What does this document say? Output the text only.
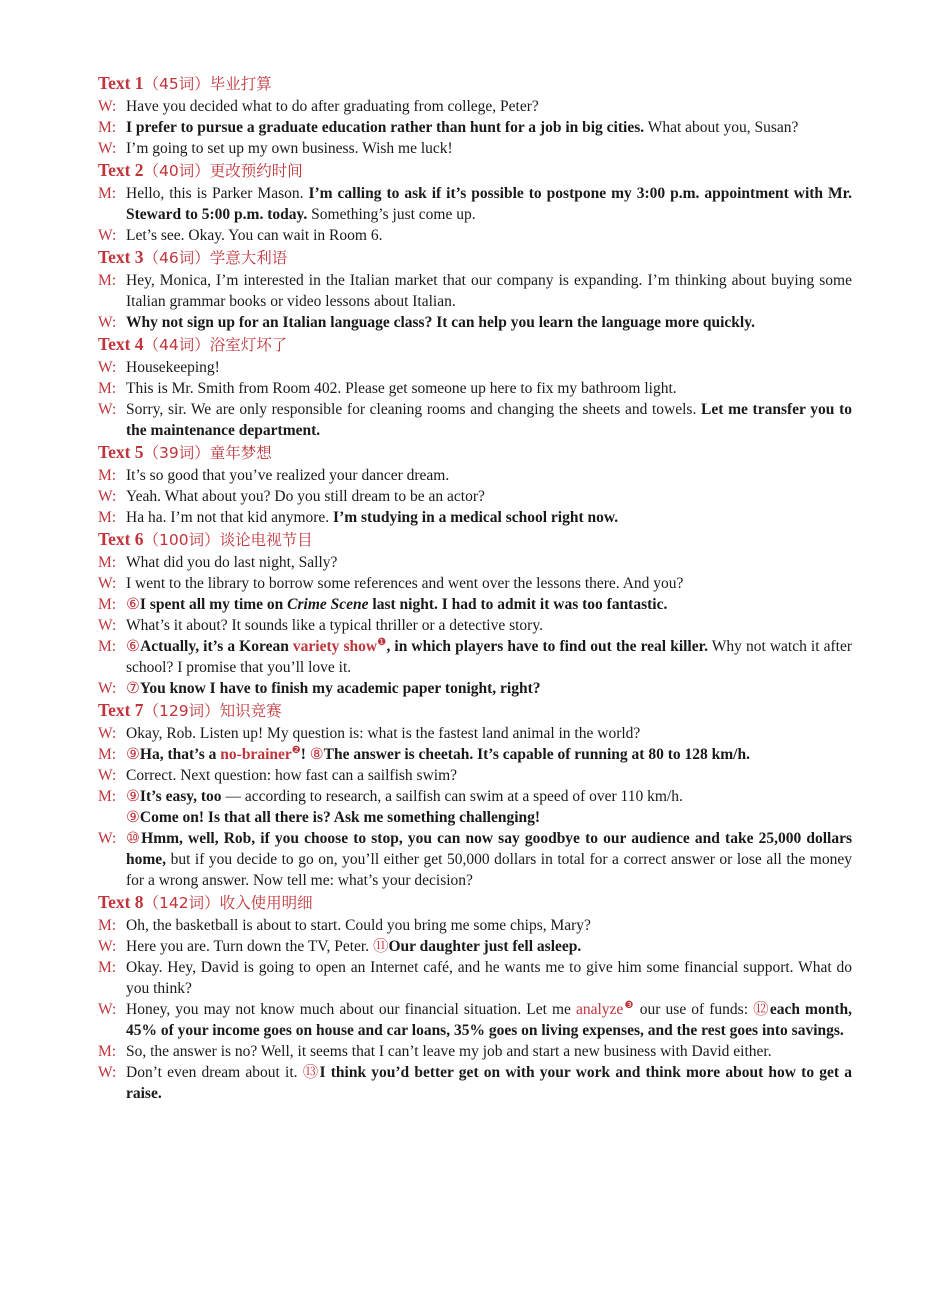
Text 1（45词）毕业打算
W: Have you decided what to do after graduating from college, Peter?
M: I prefer to pursue a graduate education rather than hunt for a job in big cities. What about you, Susan?
W: I’m going to set up my own business. Wish me luck!
Text 2（40词）更改预约时间
M: Hello, this is Parker Mason. I’m calling to ask if it’s possible to postpone my 3:00 p.m. appointment with Mr. Steward to 5:00 p.m. today. Something’s just come up.
W: Let’s see. Okay. You can wait in Room 6.
Text 3（46词）学意大利语
M: Hey, Monica, I’m interested in the Italian market that our company is expanding. I’m thinking about buying some Italian grammar books or video lessons about Italian.
W: Why not sign up for an Italian language class? It can help you learn the language more quickly.
Text 4（44词）浴室灯坏了
W: Housekeeping!
M: This is Mr. Smith from Room 402. Please get someone up here to fix my bathroom light.
W: Sorry, sir. We are only responsible for cleaning rooms and changing the sheets and towels. Let me transfer you to the maintenance department.
Text 5（39词）童年梦想
M: It’s so good that you’ve realized your dancer dream.
W: Yeah. What about you? Do you still dream to be an actor?
M: Ha ha. I’m not that kid anymore. I’m studying in a medical school right now.
Text 6（100词）谈论电视节目
M: What did you do last night, Sally?
W: I went to the library to borrow some references and went over the lessons there. And you?
M: ⑥I spent all my time on Crime Scene last night. I had to admit it was too fantastic.
W: What’s it about? It sounds like a typical thriller or a detective story.
M: ⑥Actually, it’s a Korean variety show$^❶$, in which players have to find out the real killer. Why not watch it after school? I promise that you’ll love it.
W: ⑦You know I have to finish my academic paper tonight, right?
Text 7（129词）知识竞赛
W: Okay, Rob. Listen up! My question is: what is the fastest land animal in the world?
M: ⑨Ha, that’s a no-brainer$^❷$! ⑧The answer is cheetah. It’s capable of running at 80 to 128 km/h.
W: Correct. Next question: how fast can a sailfish swim?
M: ⑨It’s easy, too — according to research, a sailfish can swim at a speed of over 110 km/h.
⑨Come on! Is that all there is? Ask me something challenging!
W: ⑩Hmm, well, Rob, if you choose to stop, you can now say goodbye to our audience and take 25,000 dollars home, but if you decide to go on, you’ll either get 50,000 dollars in total for a correct answer or lose all the money for a wrong answer. Now tell me: what’s your decision?
Text 8（142词）收入使用明细
M: Oh, the basketball is about to start. Could you bring me some chips, Mary?
W: Here you are. Turn down the TV, Peter. ⑪Our daughter just fell asleep.
M: Okay. Hey, David is going to open an Internet café, and he wants me to give him some financial support. What do you think?
W: Honey, you may not know much about our financial situation. Let me analyze$^❸$ our use of funds: ⑫each month, 45% of your income goes on house and car loans, 35% goes on living expenses, and the rest goes into savings.
M: So, the answer is no? Well, it seems that I can’t leave my job and start a new business with David either.
W: Don’t even dream about it. ⑬I think you’d better get on with your work and think more about how to get a raise.
